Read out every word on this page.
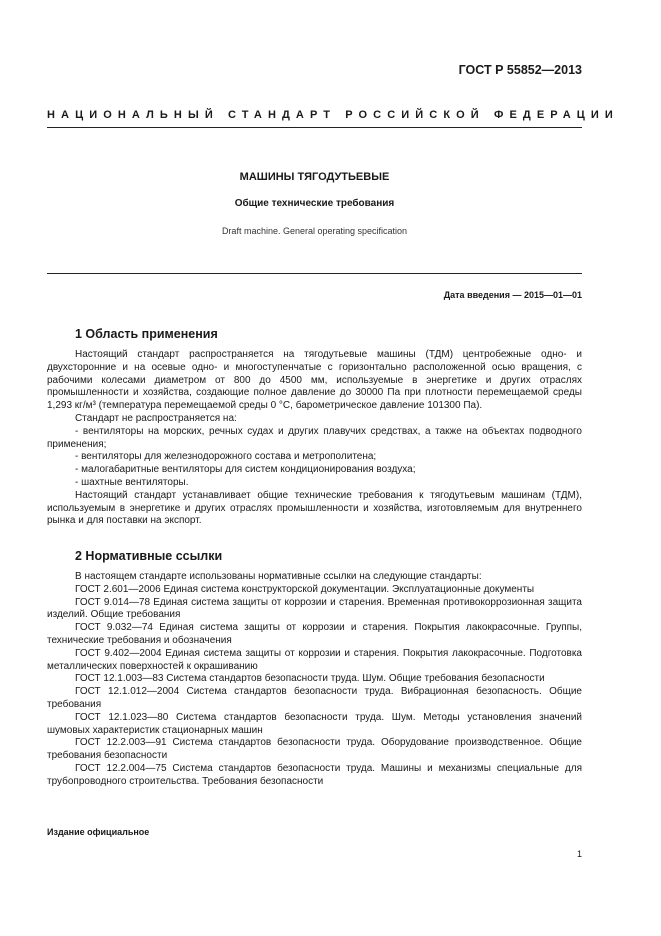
ГОСТ Р 55852—2013
НАЦИОНАЛЬНЫЙ СТАНДАРТ РОССИЙСКОЙ ФЕДЕРАЦИИ
МАШИНЫ ТЯГОДУТЬЕВЫЕ
Общие технические требования
Draft machine. General operating specification
Дата введения — 2015—01—01
1 Область применения

Настоящий стандарт распространяется на тягодутьевые машины (ТДМ) центробежные одно- и двухсторонние и на осевые одно- и многоступенчатые с горизонтально расположенной осью вращения, с рабочими колесами диаметром от 800 до 4500 мм, используемые в энергетике и других отраслях промышленности и хозяйства, создающие полное давление до 30000 Па при плотности перемещаемой среды 1,293 кг/м³ (температура перемещаемой среды 0 °С, барометрическое давление 101300 Па).

Стандарт не распространяется на:

- вентиляторы на морских, речных судах и других плавучих средствах, а также на объектах подводного применения;

- вентиляторы для железнодорожного состава и метрополитена;

- малогабаритные вентиляторы для систем кондиционирования воздуха;

- шахтные вентиляторы.

Настоящий стандарт устанавливает общие технические требования к тягодутьевым машинам (ТДМ), используемым в энергетике и других отраслях промышленности и хозяйства, изготовляемым для внутреннего рынка и для поставки на экспорт.

2 Нормативные ссылки

В настоящем стандарте использованы нормативные ссылки на следующие стандарты:

ГОСТ 2.601—2006 Единая система конструкторской документации. Эксплуатационные документы

ГОСТ 9.014—78 Единая система защиты от коррозии и старения. Временная противокоррозионная защита изделий. Общие требования

ГОСТ 9.032—74 Единая система защиты от коррозии и старения. Покрытия лакокрасочные. Группы, технические требования и обозначения

ГОСТ 9.402—2004 Единая система защиты от коррозии и старения. Покрытия лакокрасочные. Подготовка металлических поверхностей к окрашиванию

ГОСТ 12.1.003—83 Система стандартов безопасности труда. Шум. Общие требования безопасности

ГОСТ 12.1.012—2004 Система стандартов безопасности труда. Вибрационная безопасность. Общие требования

ГОСТ 12.1.023—80 Система стандартов безопасности труда. Шум. Методы установления значений шумовых характеристик стационарных машин

ГОСТ 12.2.003—91 Система стандартов безопасности труда. Оборудование производственное. Общие требования безопасности

ГОСТ 12.2.004—75 Система стандартов безопасности труда. Машины и механизмы специальные для трубопроводного строительства. Требования безопасности

Издание официальное
1
